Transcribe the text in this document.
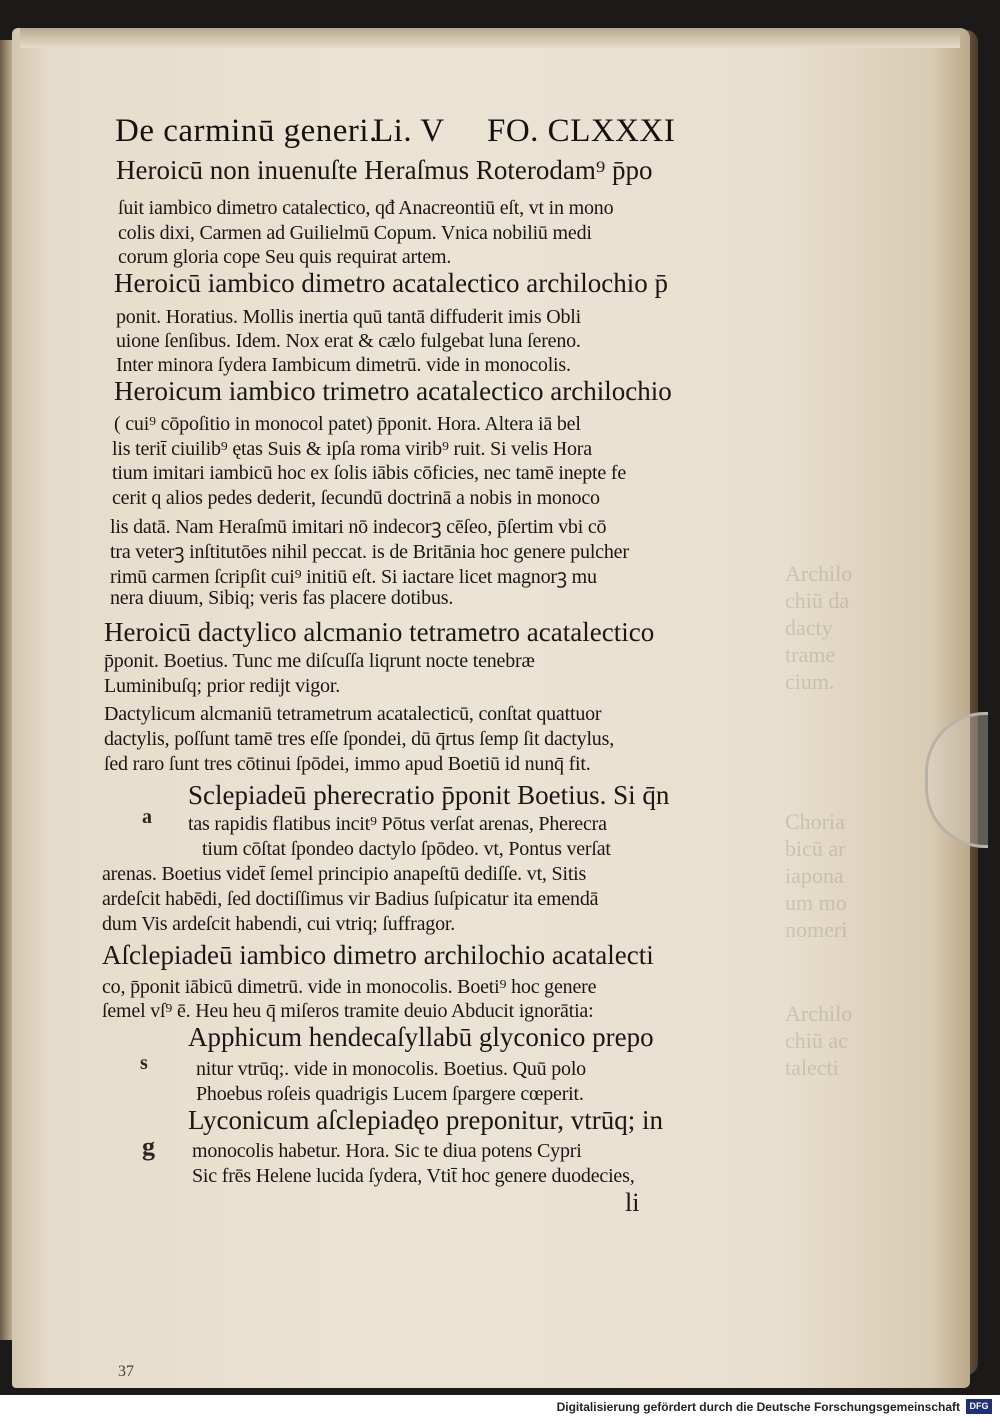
Archilo
chiū da
dacty
trame
cium.
Choria
bicū ar
iapona
um mo
nomeri
Archilo
chiū ac
talecti
De carminū generi.
Li. V FO. CLXXXI
Heroicū non inuenuſte Heraſmus Roterodam⁹ p̄po
ſuit iambico dimetro catalectico, qđ Anacreontiū eſt, vt in mono
colis dixi, Carmen ad Guilielmū Copum. Vnica nobiliū medi
corum gloria cope Seu quis requirat artem.
Heroicū iambico dimetro acatalectico archilochio p̄
ponit. Horatius. Mollis inertia quū tantā diffuderit imis Obli
uione ſenſibus. Idem. Nox erat & cælo fulgebat luna ſereno.
Inter minora ſydera Iambicum dimetrū. vide in monocolis.
Heroicum iambico trimetro acatalectico archilochio
( cui⁹ cōpoſitio in monocol patet) p̄ponit. Hora. Altera iā bel
lis terit̄ ciuilib⁹ ętas Suis & ipſa roma virib⁹ ruit. Si velis Hora
tium imitari iambicū hoc ex ſolis iābis cōficies, nec tamē inepte fe
cerit q alios pedes dederit, ſecundū doctrinā a nobis in monoco
lis datā. Nam Heraſmū imitari nō indecorꝫ cēſeo, p̄ſertim vbi cō
tra veterꝫ inſtitutōes nihil peccat. is de Britānia hoc genere pulcher
rimū carmen ſcripſit cui⁹ initiū eſt. Si iactare licet magnorꝫ mu
nera diuum, Sibiq; veris fas placere dotibus.
Heroicū dactylico alcmanio tetrametro acatalectico
p̄ponit. Boetius. Tunc me diſcuſſa liqrunt nocte tenebræ
Luminibuſq; prior redijt vigor.
Dactylicum alcmaniū tetrametrum acatalecticū, conſtat quattuor
dactylis, poſſunt tamē tres eſſe ſpondei, dū q̄rtus ſemp ſit dactylus,
ſed raro ſunt tres cōtinui ſpōdei, immo apud Boetiū id nunq̄ fit.
Sclepiadeū pherecratio p̄ponit Boetius. Si q̄n
tas rapidis flatibus incit⁹ Pōtus verſat arenas, Pherecra
tium cōſtat ſpondeo dactylo ſpōdeo. vt, Pontus verſat
arenas. Boetius videt̄ ſemel principio anapeſtū dediſſe. vt, Sitis
ardeſcit habēdi, ſed doctiſſimus vir Badius ſuſpicatur ita emendā
dum Vis ardeſcit habendi, cui vtriq; ſuffragor.
Aſclepiadeū iambico dimetro archilochio acatalecti
co, p̄ponit iābicū dimetrū. vide in monocolis. Boeti⁹ hoc genere
ſemel vſ⁹ ē. Heu heu q̄ miſeros tramite deuio Abducit ignorātia:
Apphicum hendecaſyllabū glyconico prepo
nitur vtrūq;. vide in monocolis. Boetius. Quū polo
Phoebus roſeis quadrigis Lucem ſpargere cœperit.
Lyconicum aſclepiadęo preponitur, vtrūq; in
monocolis habetur. Hora. Sic te diua potens Cypri
Sic frēs Helene lucida ſydera, Vtit̄ hoc genere duodecies,
a
s
g
li
37
Digitalisierung gefördert durch die Deutsche Forschungsgemeinschaft	DFG
